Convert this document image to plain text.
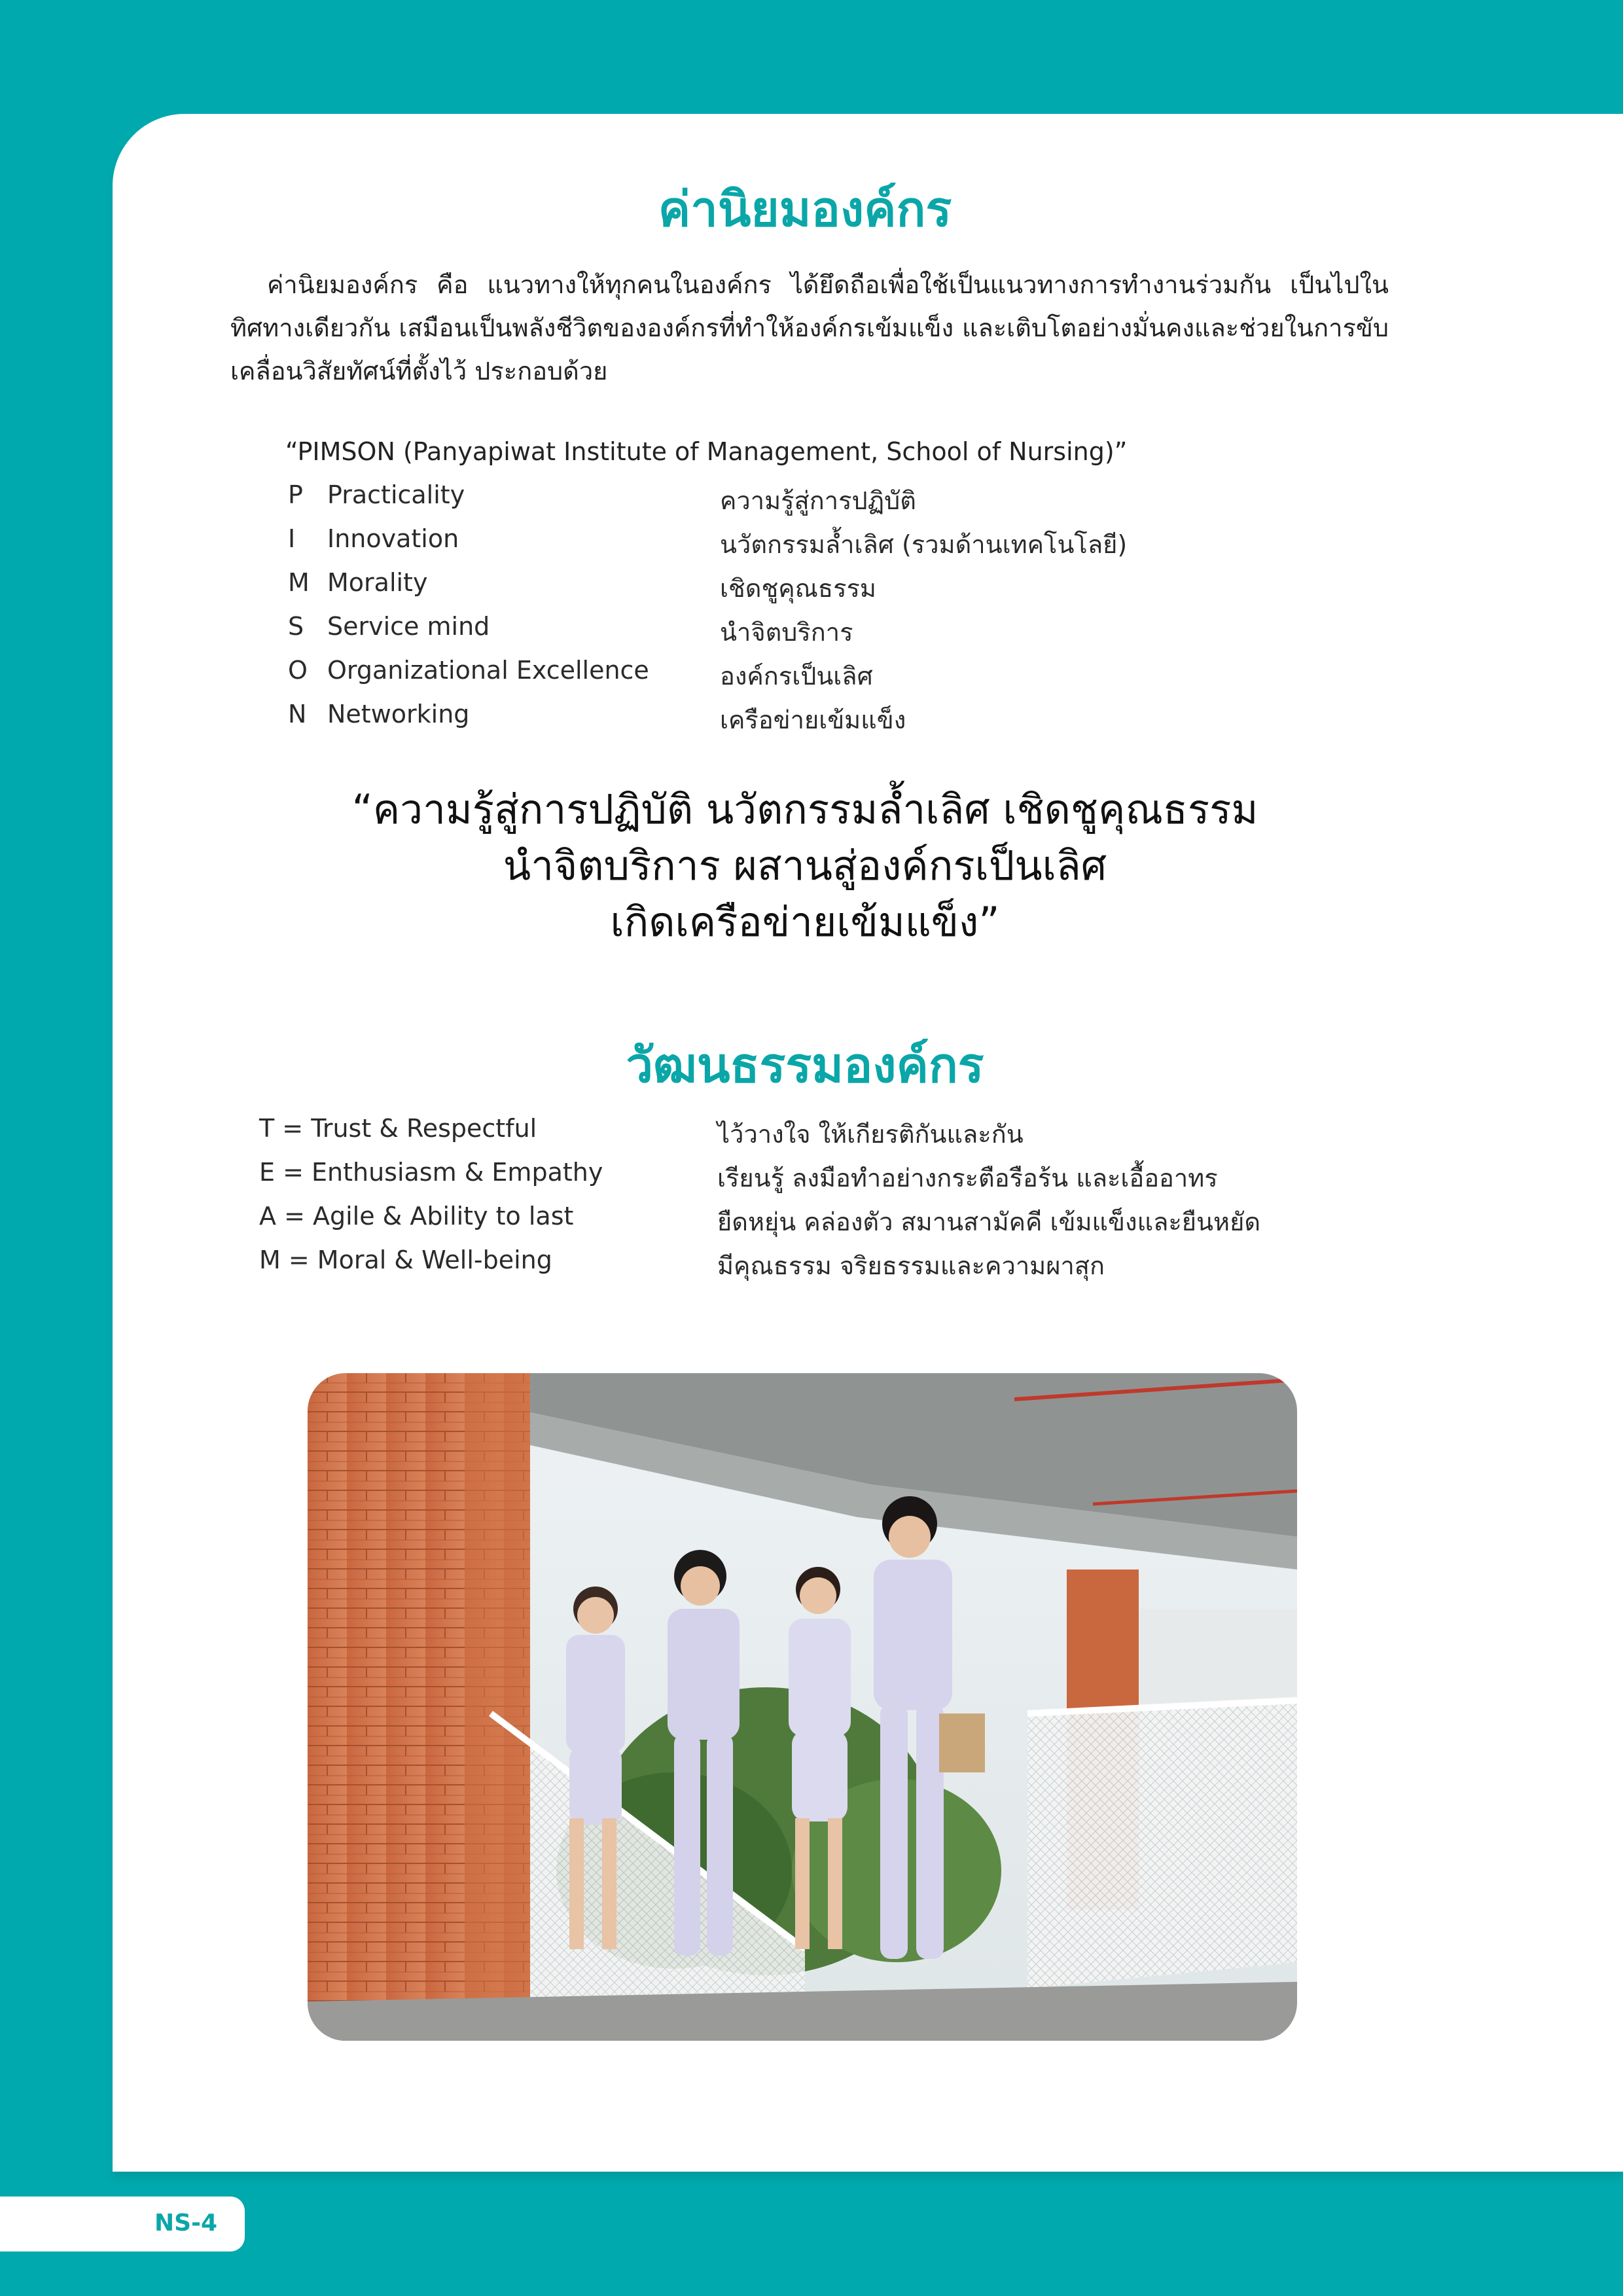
ค่านิยมองค์กร

ค่านิยมองค์กร คือ แนวทางให้ทุกคนในองค์กร ได้ยึดถือเพื่อใช้เป็นแนวทางการทำงานร่วมกัน เป็นไปในทิศทางเดียวกัน เสมือนเป็นพลังชีวิตขององค์กรที่ทำให้องค์กรเข้มแข็ง และเติบโตอย่างมั่นคงและช่วยในการขับเคลื่อนวิสัยทัศน์ที่ตั้งไว้ ประกอบด้วย

“PIMSON (Panyapiwat Institute of Management, School of Nursing)”

P Practicality	ความรู้สู่การปฏิบัติ
I	Innovation	นวัตกรรมล้ำเลิศ (รวมด้านเทคโนโลยี)
M Morality	เชิดชูคุณธรรม
S Service mind	นำจิตบริการ
O Organizational Excellence	องค์กรเป็นเลิศ
N Networking	เครือข่ายเข้มแข็ง
“ความรู้สู่การปฏิบัติ นวัตกรรมล้ำเลิศ เชิดชูคุณธรรม
นำจิตบริการ ผสานสู่องค์กรเป็นเลิศ
เกิดเครือข่ายเข้มแข็ง”
วัฒนธรรมองค์กร
T = Trust & Respectful	ไว้วางใจ ให้เกียรติกันและกัน
E = Enthusiasm & Empathy	เรียนรู้ ลงมือทำอย่างกระตือรือร้น และเอื้ออาทร
A = Agile & Ability to last	ยืดหยุ่น คล่องตัว สมานสามัคคี เข้มแข็งและยืนหยัด
M = Moral & Well-being	มีคุณธรรม จริยธรรมและความผาสุก
NS-4
